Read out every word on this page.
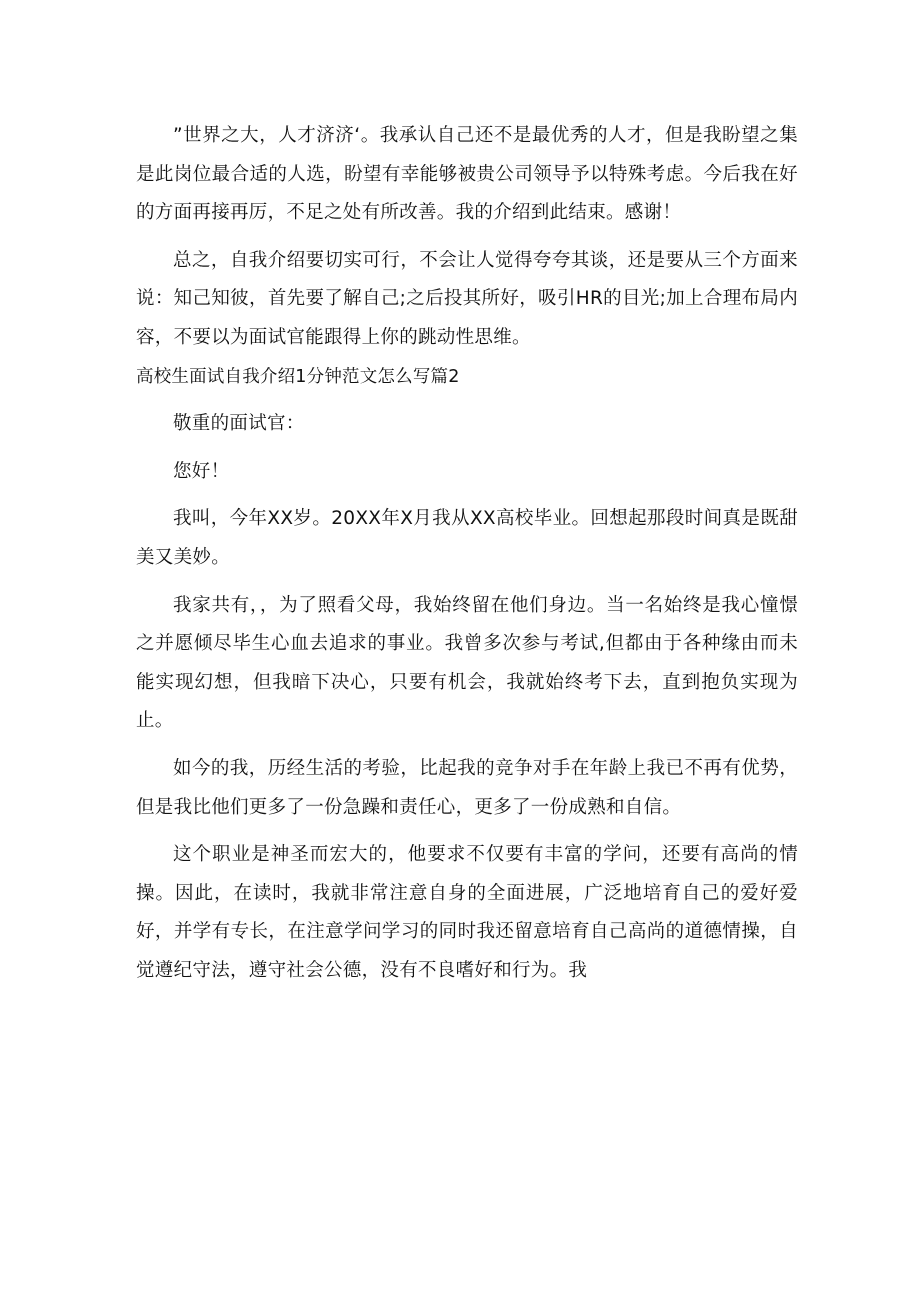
”世界之大，人才济济‘。我承认自己还不是最优秀的人才，但是我盼望之集是此岗位最合适的人选，盼望有幸能够被贵公司领导予以特殊考虑。今后我在好的方面再接再厉，不足之处有所改善。我的介绍到此结束。感谢！

总之，自我介绍要切实可行，不会让人觉得夸夸其谈，还是要从三个方面来说：知己知彼，首先要了解自己;之后投其所好，吸引HR的目光;加上合理布局内容，不要以为面试官能跟得上你的跳动性思维。

高校生面试自我介绍1分钟范文怎么写篇2

敬重的面试官：

您好！

我叫，今年XX岁。20XX年X月我从XX高校毕业。回想起那段时间真是既甜美又美妙。

我家共有，，为了照看父母，我始终留在他们身边。当一名始终是我心憧憬之并愿倾尽毕生心血去追求的事业。我曾多次参与考试,但都由于各种缘由而未能实现幻想，但我暗下决心，只要有机会，我就始终考下去，直到抱负实现为止。

如今的我，历经生活的考验，比起我的竞争对手在年龄上我已不再有优势，但是我比他们更多了一份急躁和责任心，更多了一份成熟和自信。

这个职业是神圣而宏大的，他要求不仅要有丰富的学问，还要有高尚的情操。因此，在读时，我就非常注意自身的全面进展，广泛地培育自己的爱好爱好，并学有专长，在注意学问学习的同时我还留意培育自己高尚的道德情操，自觉遵纪守法，遵守社会公德，没有不良嗜好和行为。我
